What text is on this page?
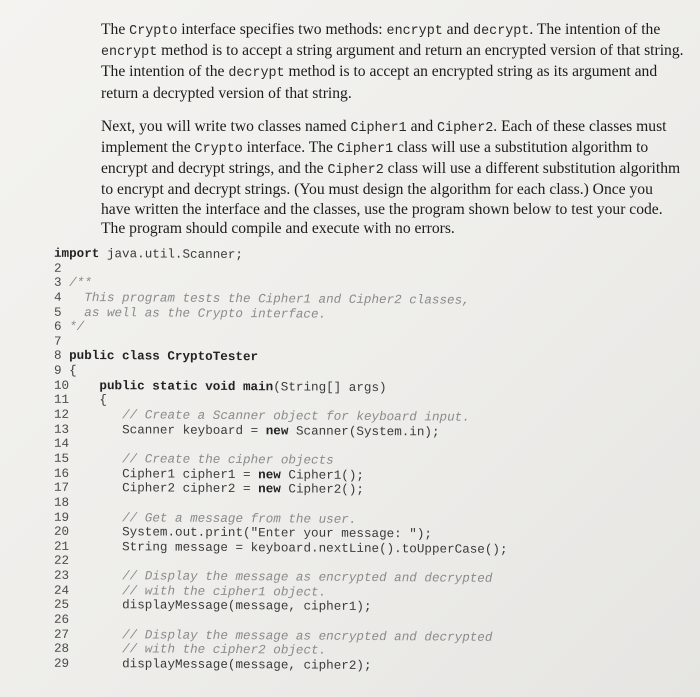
The Crypto interface specifies two methods: encrypt and decrypt. The intention of the encrypt method is to accept a string argument and return an encrypted version of that string. The intention of the decrypt method is to accept an encrypted string as its argument and return a decrypted version of that string.

Next, you will write two classes named Cipher1 and Cipher2. Each of these classes must implement the Crypto interface. The Cipher1 class will use a substitution algorithm to encrypt and decrypt strings, and the Cipher2 class will use a different substitution algorithm to encrypt and decrypt strings. (You must design the algorithm for each class.) Once you have written the interface and the classes, use the program shown below to test your code. The program should compile and execute with no errors.

import java.util.Scanner;
2
3 /**
4 This program tests the Cipher1 and Cipher2 classes,
5 as well as the Crypto interface.
6 */
7
8 public class CryptoTester
9 {
10 public static void main(String[] args)
11 {
12	// Create a Scanner object for keyboard input.
13	Scanner keyboard = new Scanner(System.in);
14
15	// Create the cipher objects
16	Cipher1 cipher1 = new Cipher1();
17	Cipher2 cipher2 = new Cipher2();
18
19	// Get a message from the user.
20	System.out.print("Enter your message: ");
21	String message = keyboard.nextLine().toUpperCase();
22
23	// Display the message as encrypted and decrypted
24	// with the cipher1 object.
25	displayMessage(message, cipher1);
26
27	// Display the message as encrypted and decrypted
28	// with the cipher2 object.
29	displayMessage(message, cipher2);
